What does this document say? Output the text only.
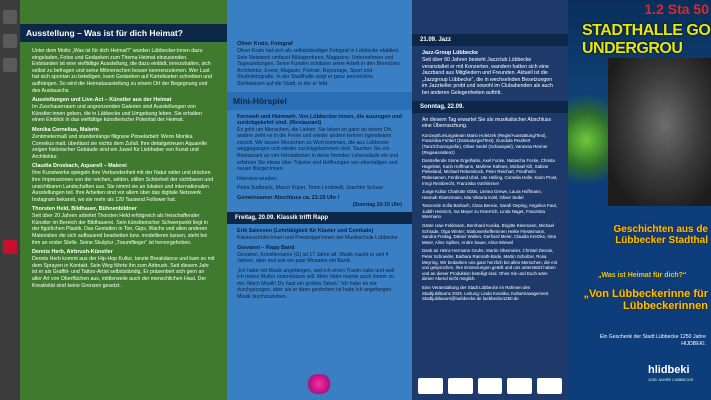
Ausstellung – Was ist für dich Heimat?

Unter dem Motto „Was ist für dich Heimat?“ wurden Lübbecker:innen dazu eingeladen, Fotos und Gedanken zum Thema Heimat einzusenden. Entstanden ist eine vielfältige Ausstellung, die dazu einlädt, innezuhalten, sich selbst zu befragen und seine Mitmenschen besser kennenzulernen. Wer Lust hat sich spontan zu beteiligen, kann Gedanken auf Karteikarten schreiben und aufhängen. So wird die Heimatausstellung zu einem Ort der Begegnung und des Austauschs.

Ausstellungen und Live-Act – Künstler aus der Heimat

Im Zuschauerraum und angrenzenden Galerien sind Ausstellungen von Künstler:innen geben, die in Lübbecke und Umgebung leben. Sie erhalten einen Einblick in das vielfältige künstlerische Potential der Heimat.

Monika Cornelius, Malerin

Zentimetermaß und standenlange filigrane Pinselarbeit: Wenn Monika Cornelius malt, überlässt sie nichts dem Zufall. Ihre detailgetreuen Aquarelle zeigen historischer Gebäude sind ein Juwel für Liebhaber von Kunst und Architektur.

Claudia Drosbach, Aquarell – Malerei

Ihre Kunstwerke spiegeln ihre Verbundenheit mit der Natur wider und drücken ihre Impressionen von der reichen, wilden, stillen Schönheit der sichtbaren und unsichtbaren Landschaften aus. Sie nimmt sie an lokalen und internationalen Ausstellungen teil. Ihre Arbeiten sind vor allem über das digitale Netzwerk Instagram bekannt, wo sie mehr als 120 Tausend Follower hat.

Thorsten Held, Bildhauer, Bühnenbildner

Seit über 20 Jahren arbeitet Thorsten Held erfolgreich als freischaffender Künstler im Bereich der Bildhauerei. Sein künstlerischer Schwerpunkt liegt in der figürlichen Plastik. Das Gestalten in Ton, Gips, Wachs und allen anderen Materialien die sich aufbauend bearbeiten bzw. modellieren lassen, steht bei ihm an erster Stelle. Seine Skulptur „Traumflieger“ ist hervorgehoben.

Dennis Herb, Airbrush-Künstler

Dennis Herb kommt aus der Hip-Hop Kultur, tanzte Breakdance und kam so mit dem Sprayen in Kontakt. Sein Weg führte ihn zum Airbrush. Seit diesem Jahr ist er als Graffiti- und Tattoo-Artist selbstständig. Er präsentiert sich gern an aller Art von Oberflächen aus, mittlerweile auch der menschlichen Haut. Der Kreativität sind keine Grenzen gesetzt.

Oliver Krato, Fotograf

Oliver Krato hat sich als selbstständiger Fotograf in Lübbecke etabliert. Sein Netzwerk umfasst Bildagenturen, Magazine, Unternehmen und Tageszeitungen. Seine Kunden schätzen seine Arbeit in den Bereichen Architektur, Event, Magazin, Portrait, Reportage, Sport und Studiofotografie. In der Stadthalle zeigt er ganz persönliche Sichtweisen auf die Stadt, in der er lebt.

Mini-Hörspiel
Fernweh und Heimweh. Von Lübbecker:innen, die auszogen und zurückgekehrt sind. (Restaurant)

Es geht um Menschen, die Lieben. Sie leben im ganz an einem Ort, andere zieht es in die Ferne und wieder andere kehren irgendwann zurück. Wir lassen Menschen zu Wort kommen, die aus Lübbecke weggegangen und wieder zurückgekommen sind. Tauchen Sie ein Restaurant an vier Hörstationen in diese fremden Lebensläufe ein und erfahren Sie etwas über Träume und Hoffnungen von ehemaligen und neuen Bürger:innen.

Interview wurden:

Petra Sudbrack, Marco Küper, Timm Lindstedt, Joachim Schuer

Gemeinsamer Abschluss ca. 21:15 Uhr /
(Sonntag 20:15 Uhr)
Freitag, 20.09. Klassik trifft Rapp
Erik Salvesen (Lehrtätigkeit für Klavier und Cembalo)

Klavierschüler:innen und Preisträger:innen der Musikschule Lübbecke

Giovanni – Rapp Band

Giovanni, Künstlername (G) ist 17 Jahre alt. Musik macht er seit 4 Jahren, aber erst seit ein paar Monaten mit Band.

„Ich habe mit Musik angefangen, weil ich einen Traum habe und weil ich meine Mutter unterstützen will. Mein Vater meinte auch immer zu mir: Mach Musik! Du hast ein großes Talent.“ Ich habe es nie durchgezogen, aber als er dann gestorben ist habe ich angefangen, Musik durchzuziehen.

21.09. Jazz
Jazz-Group Lübbecke

Seit über 60 Jahren besteht Jazzclub Lübbecke veranstaltet er mit Konzerten, wandern hatten sich eine Jazzband aus Mitgliedern und Freunden. Aktuell ist die „Jazzgroup Lübbecke“, die in wechselnden Besetzungen im Jazzkeller probt und sowohl im Clubabenden als auch bei anderen Gelegenheiten auftritt.

Sonntag, 22.09.

An diesem Tag erwartet Sie als musikalischer Abschluss eine Überraschung.

Konzept/Leitungsteam Mario Holetzek (Regie/Ausstattung/Text), Franziska Fuhlert (Dramaturgie/Text), Gundula Peuthert (Tanz/Choreografie), Oliver Sedel (Schauspiel), Vanessa Renner (Regieassistenz)

Darstellende Sinne Ergelhahn, Axel Focke, Natascha Focke, Christa Hagelstei, Karin Hoffmann, Marlene Kahnes, Michael Kill, Sabine Piekeland, Michael Rebenstock, Peter Reichart, Friedhelm Rübesamen, Ferdinand Ubel, Ute Helling, Cornelia Holle, Karin Prost, Irmgi Reinbrecht, Franziska Vonhimmer

Junge Kultur Charlotte Gläts, Linnea Grewe, Laura Hoffmann, Hannah Kloetzmann, Mia Viktoria Kahl, Oliver Sedel

Tanzende Sofia Barkach, Clara Bensie, Sarah Oeping, Angelica Faut, Judith Heinrich, Ina Meyer zu Knierrich, Linda Naget, Franziska Wermann

Gäste Uwe Feldmann, Bernhard Kosika, Brigitte Kleemann, Michael Schrade, Olga Winter; Stationenhelferinnen Heike Fiesteimann, Sandra Freitag, Dänier Wellen, Gerhard Meier, Claudia Kretzke, Irina Meier, Aline Spilker, Andre Sauer, Alina Wiewel

Dank an Heinz-Hermann Gruhe, Martin Obermeier, Christel Desoie, Peter Schneider, Barbara Ramrath-Bode, Martin Scholzer, Rosa Meyring. Wir bedanken uns ganz herzlich bei allen Menschen, die mit uns gesprochen, ihre Erinnerungen geteilt und uns unterstützt haben und an dieser Produktion beteiligt sind. Ohne Sie und Euch wäre dieser Abend nicht möglich.

Eine Veranstaltung der Stadt Lübbecke im Rahmen des Stadtjubiläums 2025. Leitung: Linda Kosnika, Kulturmanagement Stadtjubilaeum@luebbecke.de luebbecke1250.de

1.2 Sta 50
STADTHALLE GO
UNDERGROU
Geschichten aus de Lübbecker Stadthal
„Was ist Heimat für dich?“
„Von Lübbeckerinne für Lübbeckerinnen
Ein Geschenk der Stadt Lübbecke 1250 Jahre HIJDBEKI.
hlidbeki
1250 JAHRE LÜBBECKE
